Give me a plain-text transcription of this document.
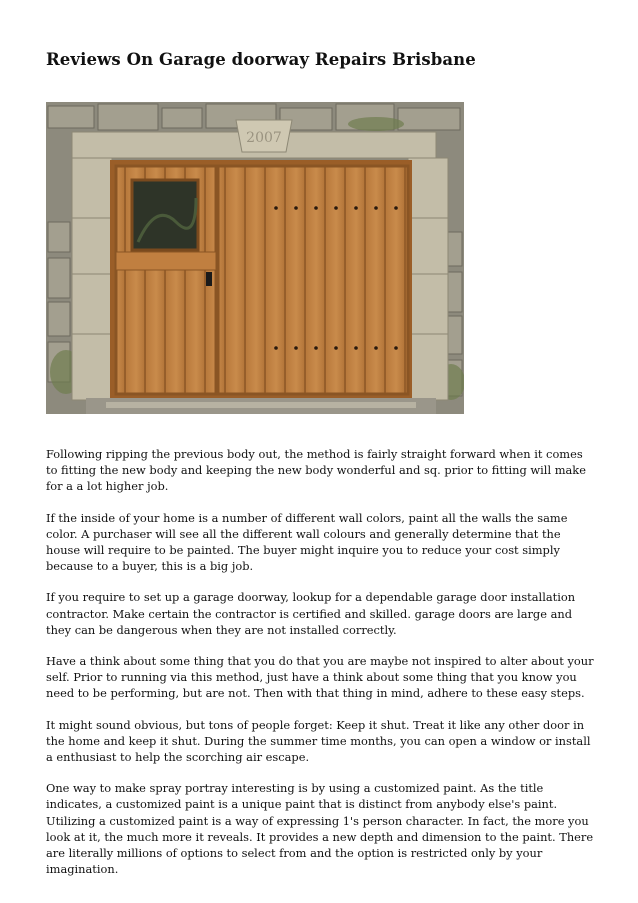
Reviews On Garage doorway Repairs Brisbane
2007

Following ripping the previous body out, the method is fairly straight forward when it comes to fitting the new body and keeping the new body wonderful and sq. prior to fitting will make for a a lot higher job.

If the inside of your home is a number of different wall colors, paint all the walls the same color. A purchaser will see all the different wall colours and generally determine that the house will require to be painted. The buyer might inquire you to reduce your cost simply because to a buyer, this is a big job.

If you require to set up a garage doorway, lookup for a dependable garage door installation contractor. Make certain the contractor is certified and skilled. garage doors are large and they can be dangerous when they are not installed correctly.

Have a think about some thing that you do that you are maybe not inspired to alter about your self. Prior to running via this method, just have a think about some thing that you know you need to be performing, but are not. Then with that thing in mind, adhere to these easy steps.

It might sound obvious, but tons of people forget: Keep it shut. Treat it like any other door in the home and keep it shut. During the summer time months, you can open a window or install a enthusiast to help the scorching air escape.

One way to make spray portray interesting is by using a customized paint. As the title indicates, a customized paint is a unique paint that is distinct from anybody else's paint. Utilizing a customized paint is a way of expressing 1's person character. In fact, the more you look at it, the much more it reveals. It provides a new depth and dimension to the paint. There are literally millions of options to select from and the option is restricted only by your imagination.
